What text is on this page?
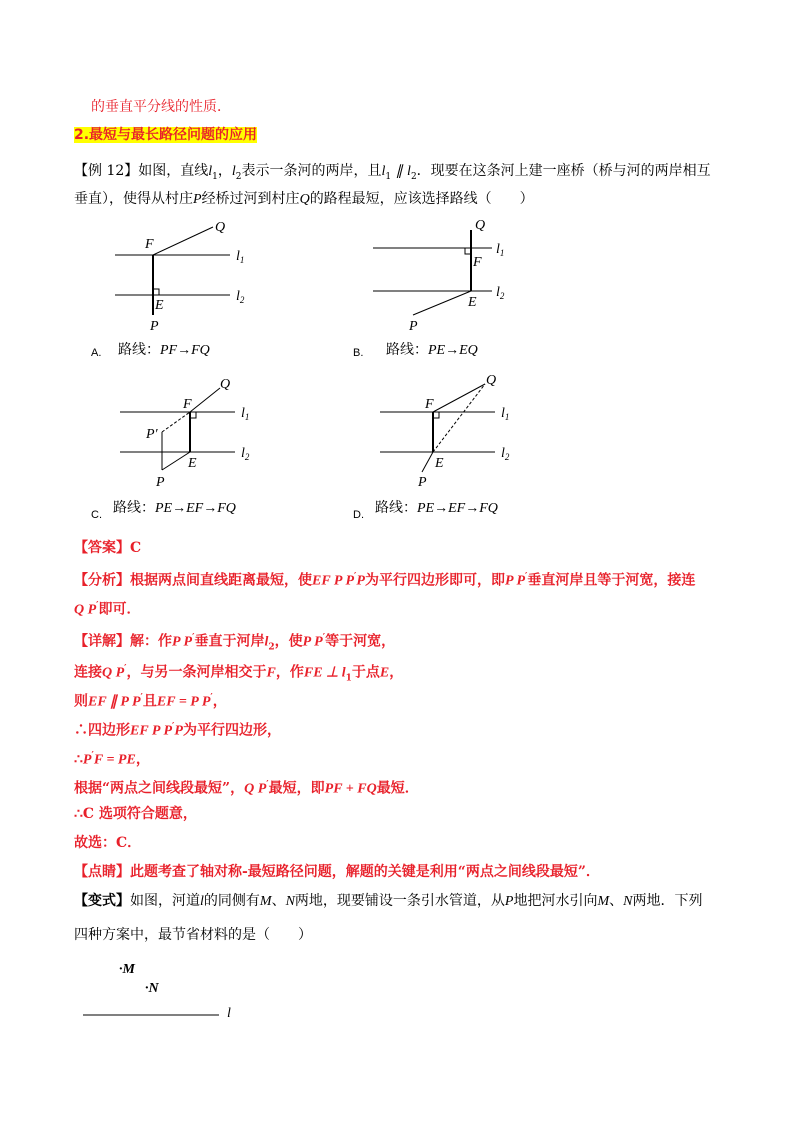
的垂直平分线的性质．
2.最短与最长路径问题的应用
【例 12】如图，直线$l_1$，$l_2$表示一条河的两岸，且$l_1$ ∥ $l_2$．现要在这条河上建一座桥（桥与河的两岸相互
垂直），使得从村庄P经桥过河到村庄Q的路程最短，应该选择路线（　　）
F
Q
$l_1$
$l_2$
E
P
A. 路线：PF→FQ
Q
F
$l_1$
$l_2$
E
P
B. 路线：PE→EQ
F
Q
P′
$l_1$
$l_2$
E
P
C. 路线：PE→EF→FQ
F
Q
$l_1$
$l_2$
E
P
D. 路线：PE→EF→FQ
【答案】C
【分析】根据两点间直线距离最短，使EF P P′P为平行四边形即可，即P P′垂直河岸且等于河宽，接连
Q P′即可．
【详解】解：作P P′垂直于河岸$l_2$，使P P′等于河宽，
连接Q P′，与另一条河岸相交于F，作FE ⊥ $l_1$于点E，
则EF ∥ P P′且EF = P P′，
∴四边形EF P P′P为平行四边形，
∴P′F = PE，
根据“两点之间线段最短”，Q P′最短，即PF + FQ最短．
∴C 选项符合题意，
故选：C．
【点睛】此题考查了轴对称-最短路径问题，解题的关键是利用“两点之间线段最短”．
【变式】如图，河道l的同侧有M、N两地，现要铺设一条引水管道，从P地把河水引向M、N两地．下列
四种方案中，最节省材料的是（　　）
·M
·N
l
